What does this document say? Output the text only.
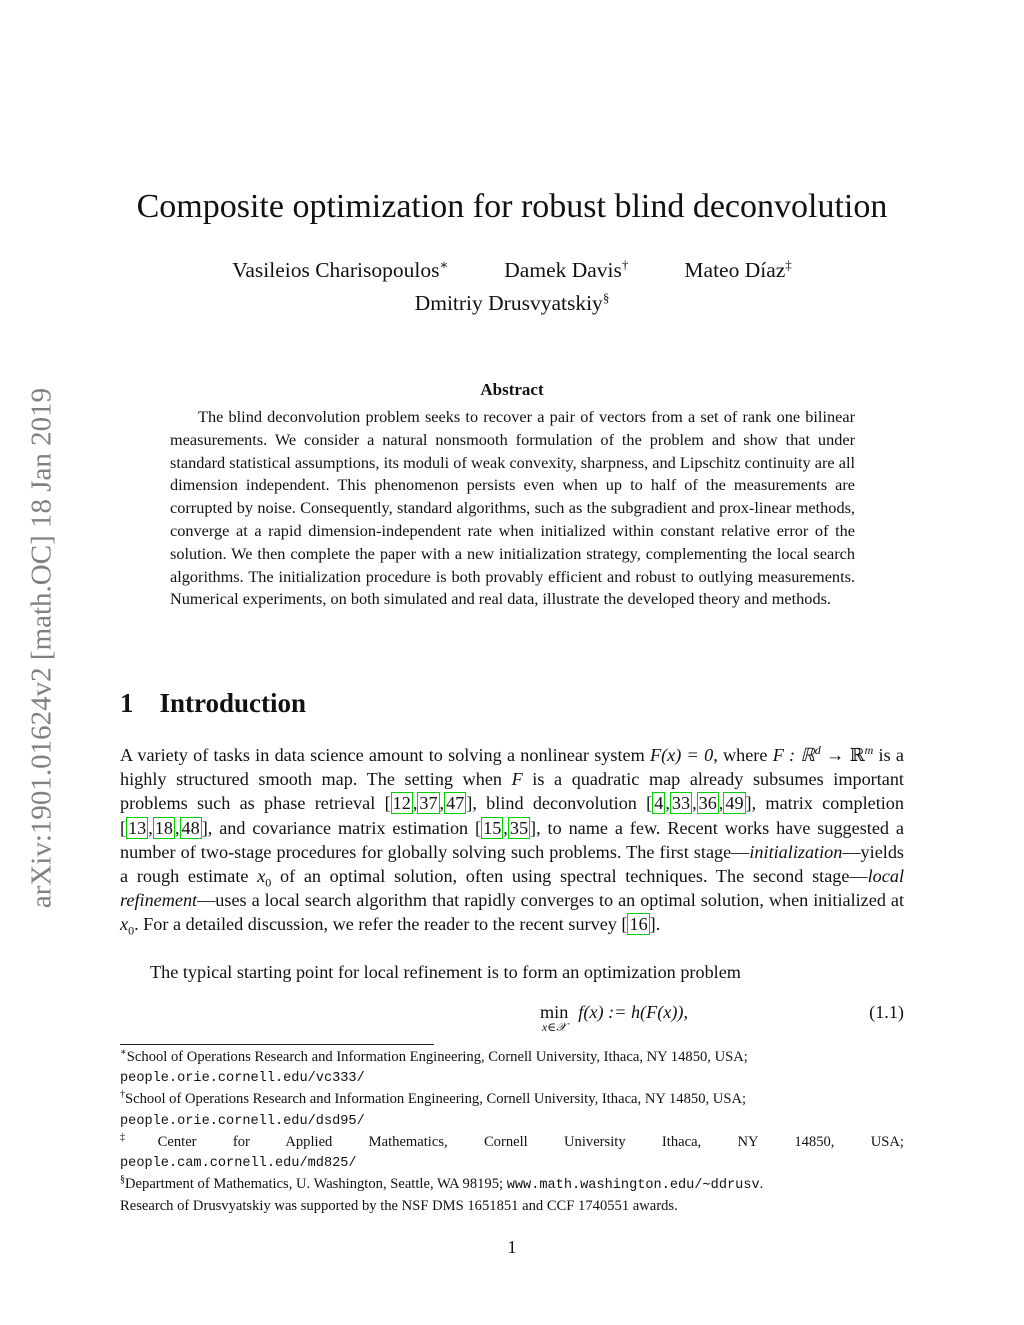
arXiv:1901.01624v2 [math.OC] 18 Jan 2019
Composite optimization for robust blind deconvolution
Vasileios Charisopoulos∗	Damek Davis†	Mateo Díaz‡
Dmitriy Drusvyatskiy§
Abstract

The blind deconvolution problem seeks to recover a pair of vectors from a set of rank one bilinear measurements. We consider a natural nonsmooth formulation of the problem and show that under standard statistical assumptions, its moduli of weak convexity, sharpness, and Lipschitz continuity are all dimension independent. This phenomenon persists even when up to half of the measurements are corrupted by noise. Consequently, standard algorithms, such as the subgradient and prox-linear methods, converge at a rapid dimension-independent rate when initialized within constant relative error of the solution. We then complete the paper with a new initialization strategy, complementing the local search algorithms. The initialization procedure is both provably efficient and robust to outlying measurements. Numerical experiments, on both simulated and real data, illustrate the developed theory and methods.

1 Introduction

A variety of tasks in data science amount to solving a nonlinear system F(x) = 0, where F : ℝ$^d$ → ℝ$^m$ is a highly structured smooth map. The setting when F is a quadratic map already subsumes important problems such as phase retrieval [ 12 , 37 , 47 ], blind deconvolution [ 4 , 33 , 36 , 49 ], matrix completion [ 13 , 18 , 48 ], and covariance matrix estimation [ 15 , 35 ], to name a few. Recent works have suggested a number of two-stage procedures for globally solving such problems. The first stage—initialization—yields a rough estimate $x_0$ of an optimal solution, often using spectral techniques. The second stage—local refinement—uses a local search algorithm that rapidly converges to an optimal solution, when initialized at $x_0$. For a detailed discussion, we refer the reader to the recent survey [ 16 ].

The typical starting point for local refinement is to form an optimization problem

min
x∈𝒳
f(x) := h(F(x)),	(1.1)

∗School of Operations Research and Information Engineering, Cornell University, Ithaca, NY 14850, USA;
people.orie.cornell.edu/vc333/

†School of Operations Research and Information Engineering, Cornell University, Ithaca, NY 14850, USA;
people.orie.cornell.edu/dsd95/

‡Center for Applied Mathematics, Cornell University Ithaca, NY 14850, USA;

people.cam.cornell.edu/md825/

§Department of Mathematics, U. Washington, Seattle, WA 98195; www.math.washington.edu/∼ddrusv.
Research of Drusvyatskiy was supported by the NSF DMS 1651851 and CCF 1740551 awards.

1
